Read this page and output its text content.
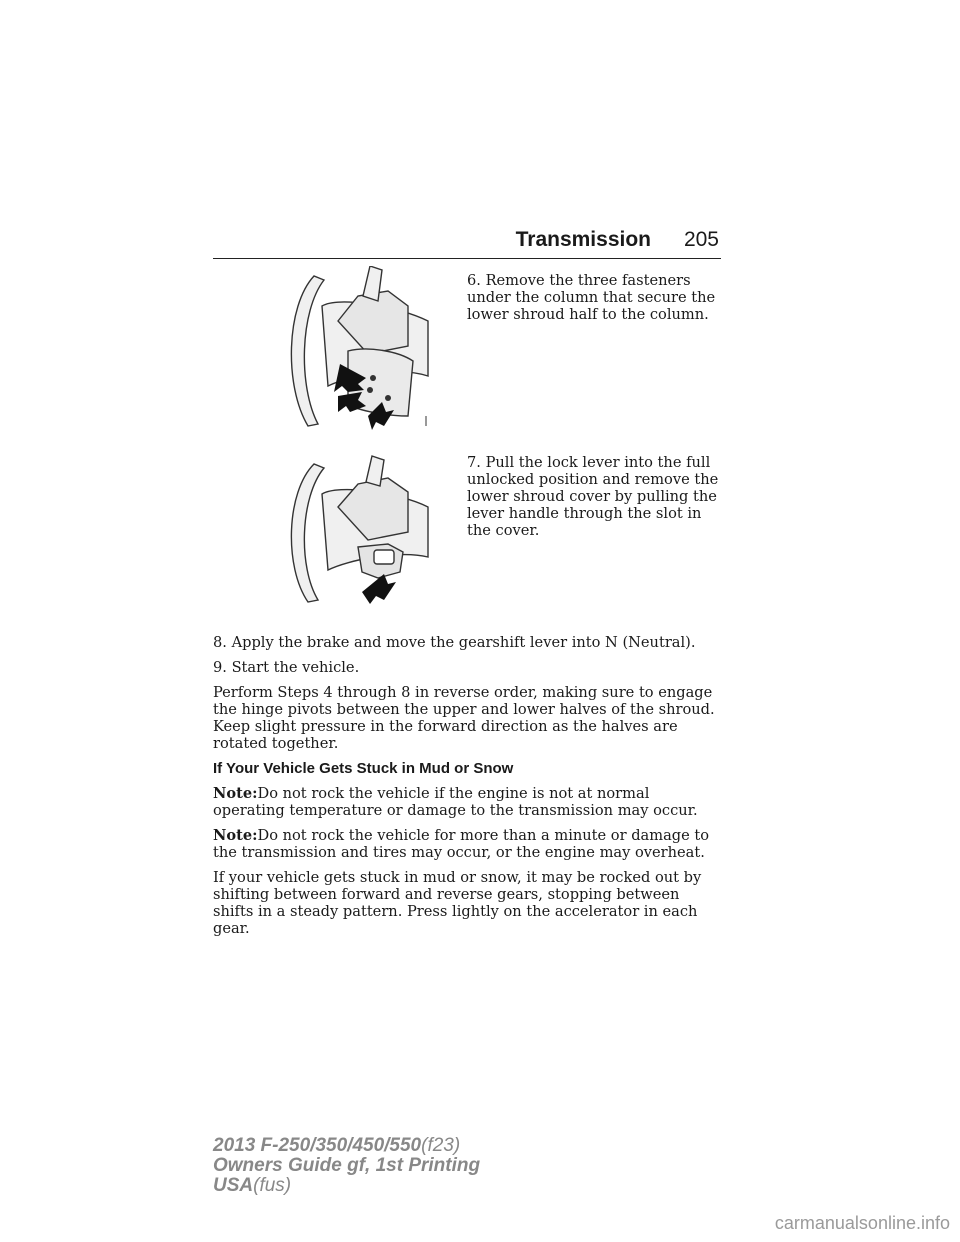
Transmission 205

6. Remove the three fasteners under the column that secure the lower shroud half to the column.

7. Pull the lock lever into the full unlocked position and remove the lower shroud cover by pulling the lever handle through the slot in the cover.

8. Apply the brake and move the gearshift lever into N (Neutral).

9. Start the vehicle.

Perform Steps 4 through 8 in reverse order, making sure to engage the hinge pivots between the upper and lower halves of the shroud. Keep slight pressure in the forward direction as the halves are rotated together.

If Your Vehicle Gets Stuck in Mud or Snow

Note:Do not rock the vehicle if the engine is not at normal operating temperature or damage to the transmission may occur.

Note:Do not rock the vehicle for more than a minute or damage to the transmission and tires may occur, or the engine may overheat.

If your vehicle gets stuck in mud or snow, it may be rocked out by shifting between forward and reverse gears, stopping between shifts in a steady pattern. Press lightly on the accelerator in each gear.

2013 F-250/350/450/550(f23)
Owners Guide gf, 1st Printing
USA(fus)
carmanualsonline.info
